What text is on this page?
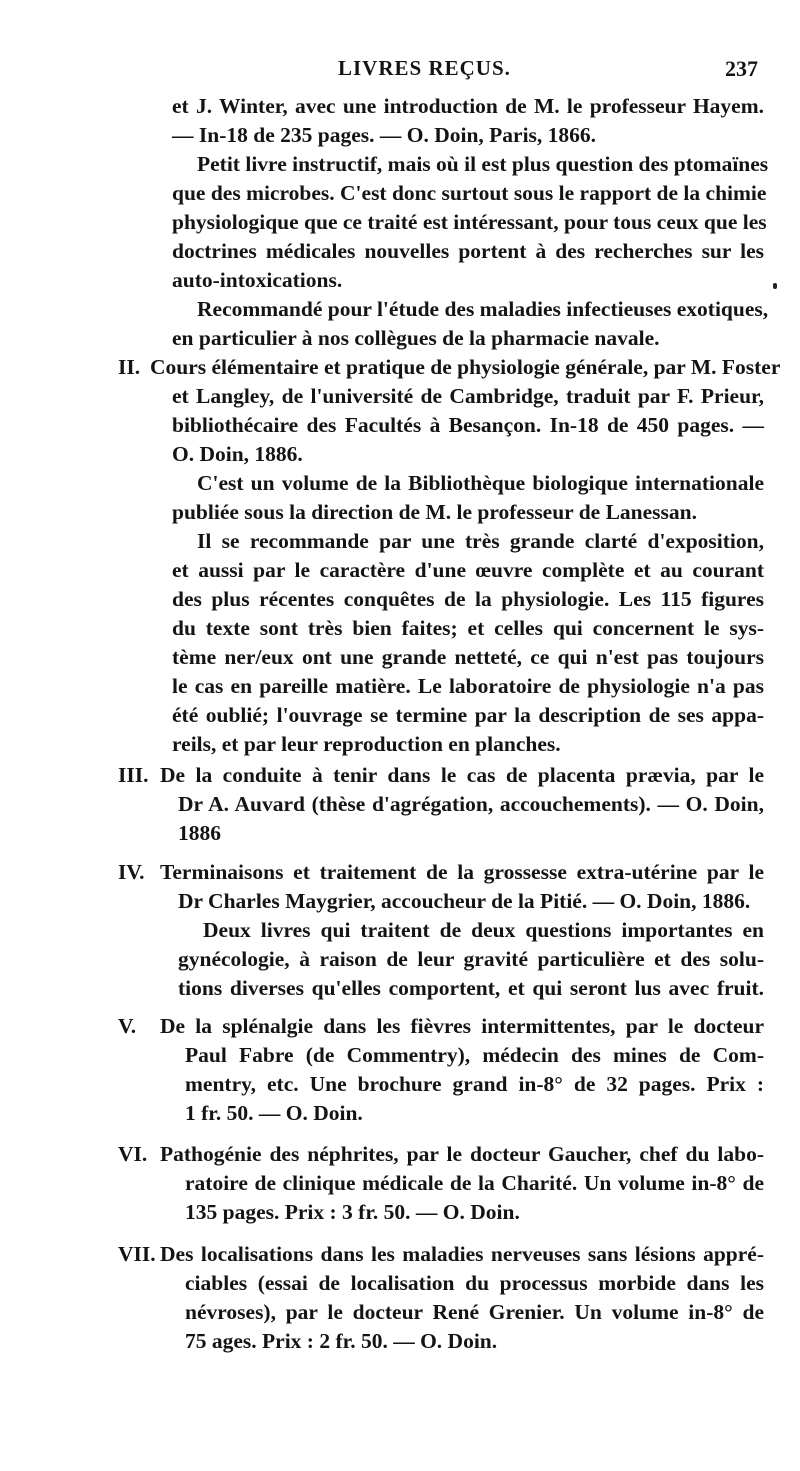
LIVRES REÇUS.	237
et J. Winter, avec une introduction de M. le professeur Hayem.
— In-18 de 235 pages. — O. Doin, Paris, 1866.
Petit livre instructif, mais où il est plus question des ptomaïnes
que des microbes. C'est donc surtout sous le rapport de la chimie
physiologique que ce traité est intéressant, pour tous ceux que les
doctrines médicales nouvelles portent à des recherches sur les
auto-intoxications.
Recommandé pour l'étude des maladies infectieuses exotiques,
en particulier à nos collègues de la pharmacie navale.
II. Cours élémentaire et pratique de physiologie générale, par M. Foster
et Langley, de l'université de Cambridge, traduit par F. Prieur,
bibliothécaire des Facultés à Besançon. In-18 de 450 pages. —
O. Doin, 1886.
C'est un volume de la Bibliothèque biologique internationale
publiée sous la direction de M. le professeur de Lanessan.
Il se recommande par une très grande clarté d'exposition,
et aussi par le caractère d'une œuvre complète et au courant
des plus récentes conquêtes de la physiologie. Les 115 figures
du texte sont très bien faites; et celles qui concernent le sys-
tème ner/eux ont une grande netteté, ce qui n'est pas toujours
le cas en pareille matière. Le laboratoire de physiologie n'a pas
été oublié; l'ouvrage se termine par la description de ses appa-
reils, et par leur reproduction en planches.
III. De la conduite à tenir dans le cas de placenta prævia, par le
Dr A. Auvard (thèse d'agrégation, accouchements). — O. Doin,
1886
IV. Terminaisons et traitement de la grossesse extra-utérine par le
Dr Charles Maygrier, accoucheur de la Pitié. — O. Doin, 1886.
Deux livres qui traitent de deux questions importantes en
gynécologie, à raison de leur gravité particulière et des solu-
tions diverses qu'elles comportent, et qui seront lus avec fruit.
V. De la splénalgie dans les fièvres intermittentes, par le docteur
Paul Fabre (de Commentry), médecin des mines de Com-
mentry, etc. Une brochure grand in-8° de 32 pages. Prix :
1 fr. 50. — O. Doin.
VI. Pathogénie des néphrites, par le docteur Gaucher, chef du labo-
ratoire de clinique médicale de la Charité. Un volume in-8° de
135 pages. Prix : 3 fr. 50. — O. Doin.
VII. Des localisations dans les maladies nerveuses sans lésions appré-
ciables (essai de localisation du processus morbide dans les
névroses), par le docteur René Grenier. Un volume in-8° de
75 ages. Prix : 2 fr. 50. — O. Doin.
